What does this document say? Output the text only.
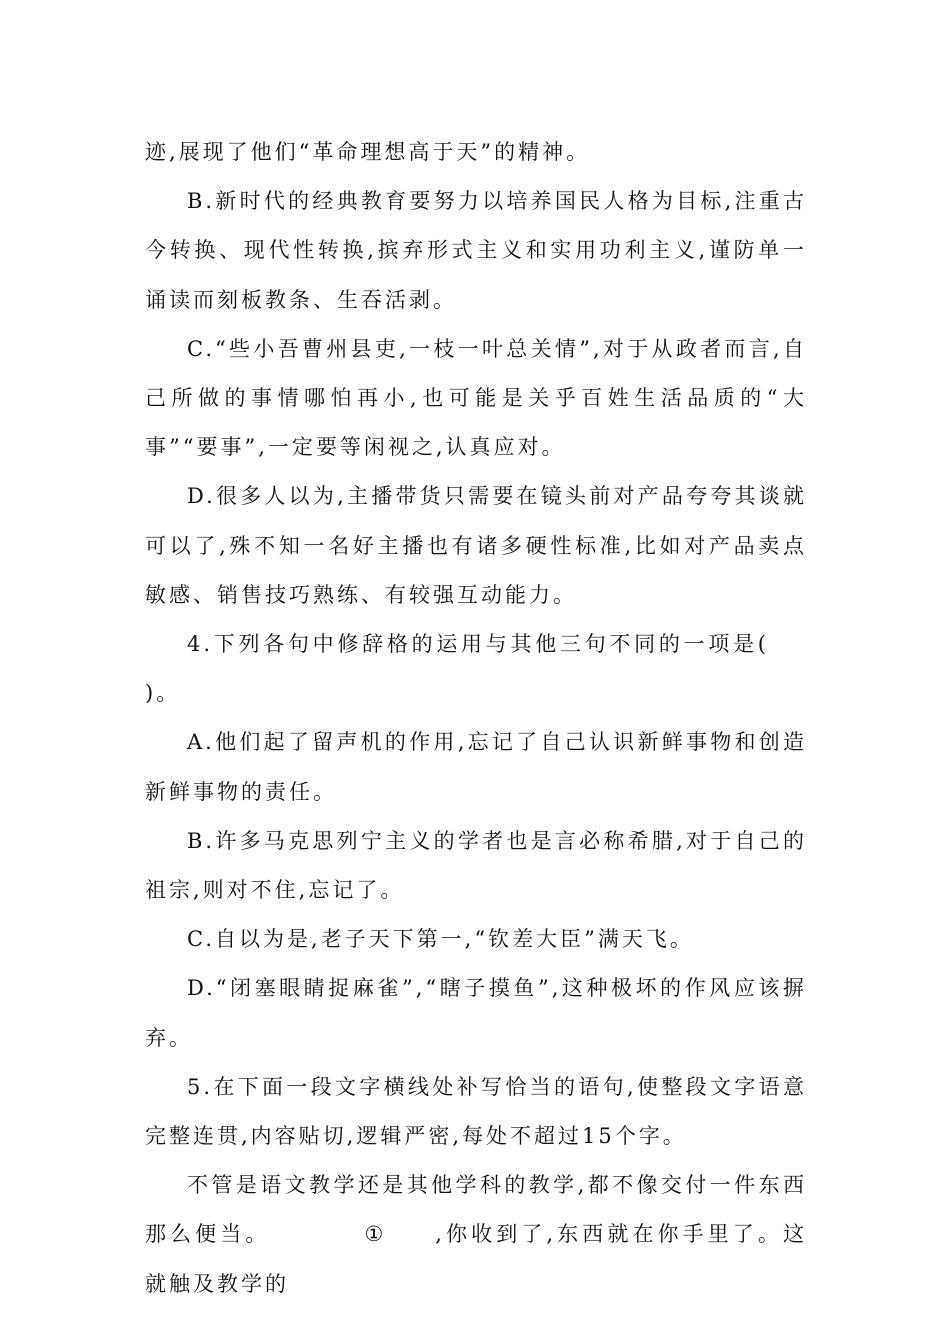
迹,展现了他们“革命理想高于天”的精神。

B.新时代的经典教育要努力以培养国民人格为目标,注重古今转换、现代性转换,摈弃形式主义和实用功利主义,谨防单一诵读而刻板教条、生吞活剥。

C.“些小吾曹州县吏,一枝一叶总关情”,对于从政者而言,自己所做的事情哪怕再小,也可能是关乎百姓生活品质的“大事”“要事”,一定要等闲视之,认真应对。

D.很多人以为,主播带货只需要在镜头前对产品夸夸其谈就可以了,殊不知一名好主播也有诸多硬性标准,比如对产品卖点敏感、销售技巧熟练、有较强互动能力。

4.下列各句中修辞格的运用与其他三句不同的一项是()。

A.他们起了留声机的作用,忘记了自己认识新鲜事物和创造新鲜事物的责任。

B.许多马克思列宁主义的学者也是言必称希腊,对于自己的祖宗,则对不住,忘记了。

C.自以为是,老子天下第一,“钦差大臣”满天飞。

D.“闭塞眼睛捉麻雀”,“瞎子摸鱼”,这种极坏的作风应该摒弃。

5.在下面一段文字横线处补写恰当的语句,使整段文字语意完整连贯,内容贴切,逻辑严密,每处不超过15个字。

不管是语文教学还是其他学科的教学,都不像交付一件东西那么便当。	① ,你收到了,东西就在你手里了。这就触及教学的
